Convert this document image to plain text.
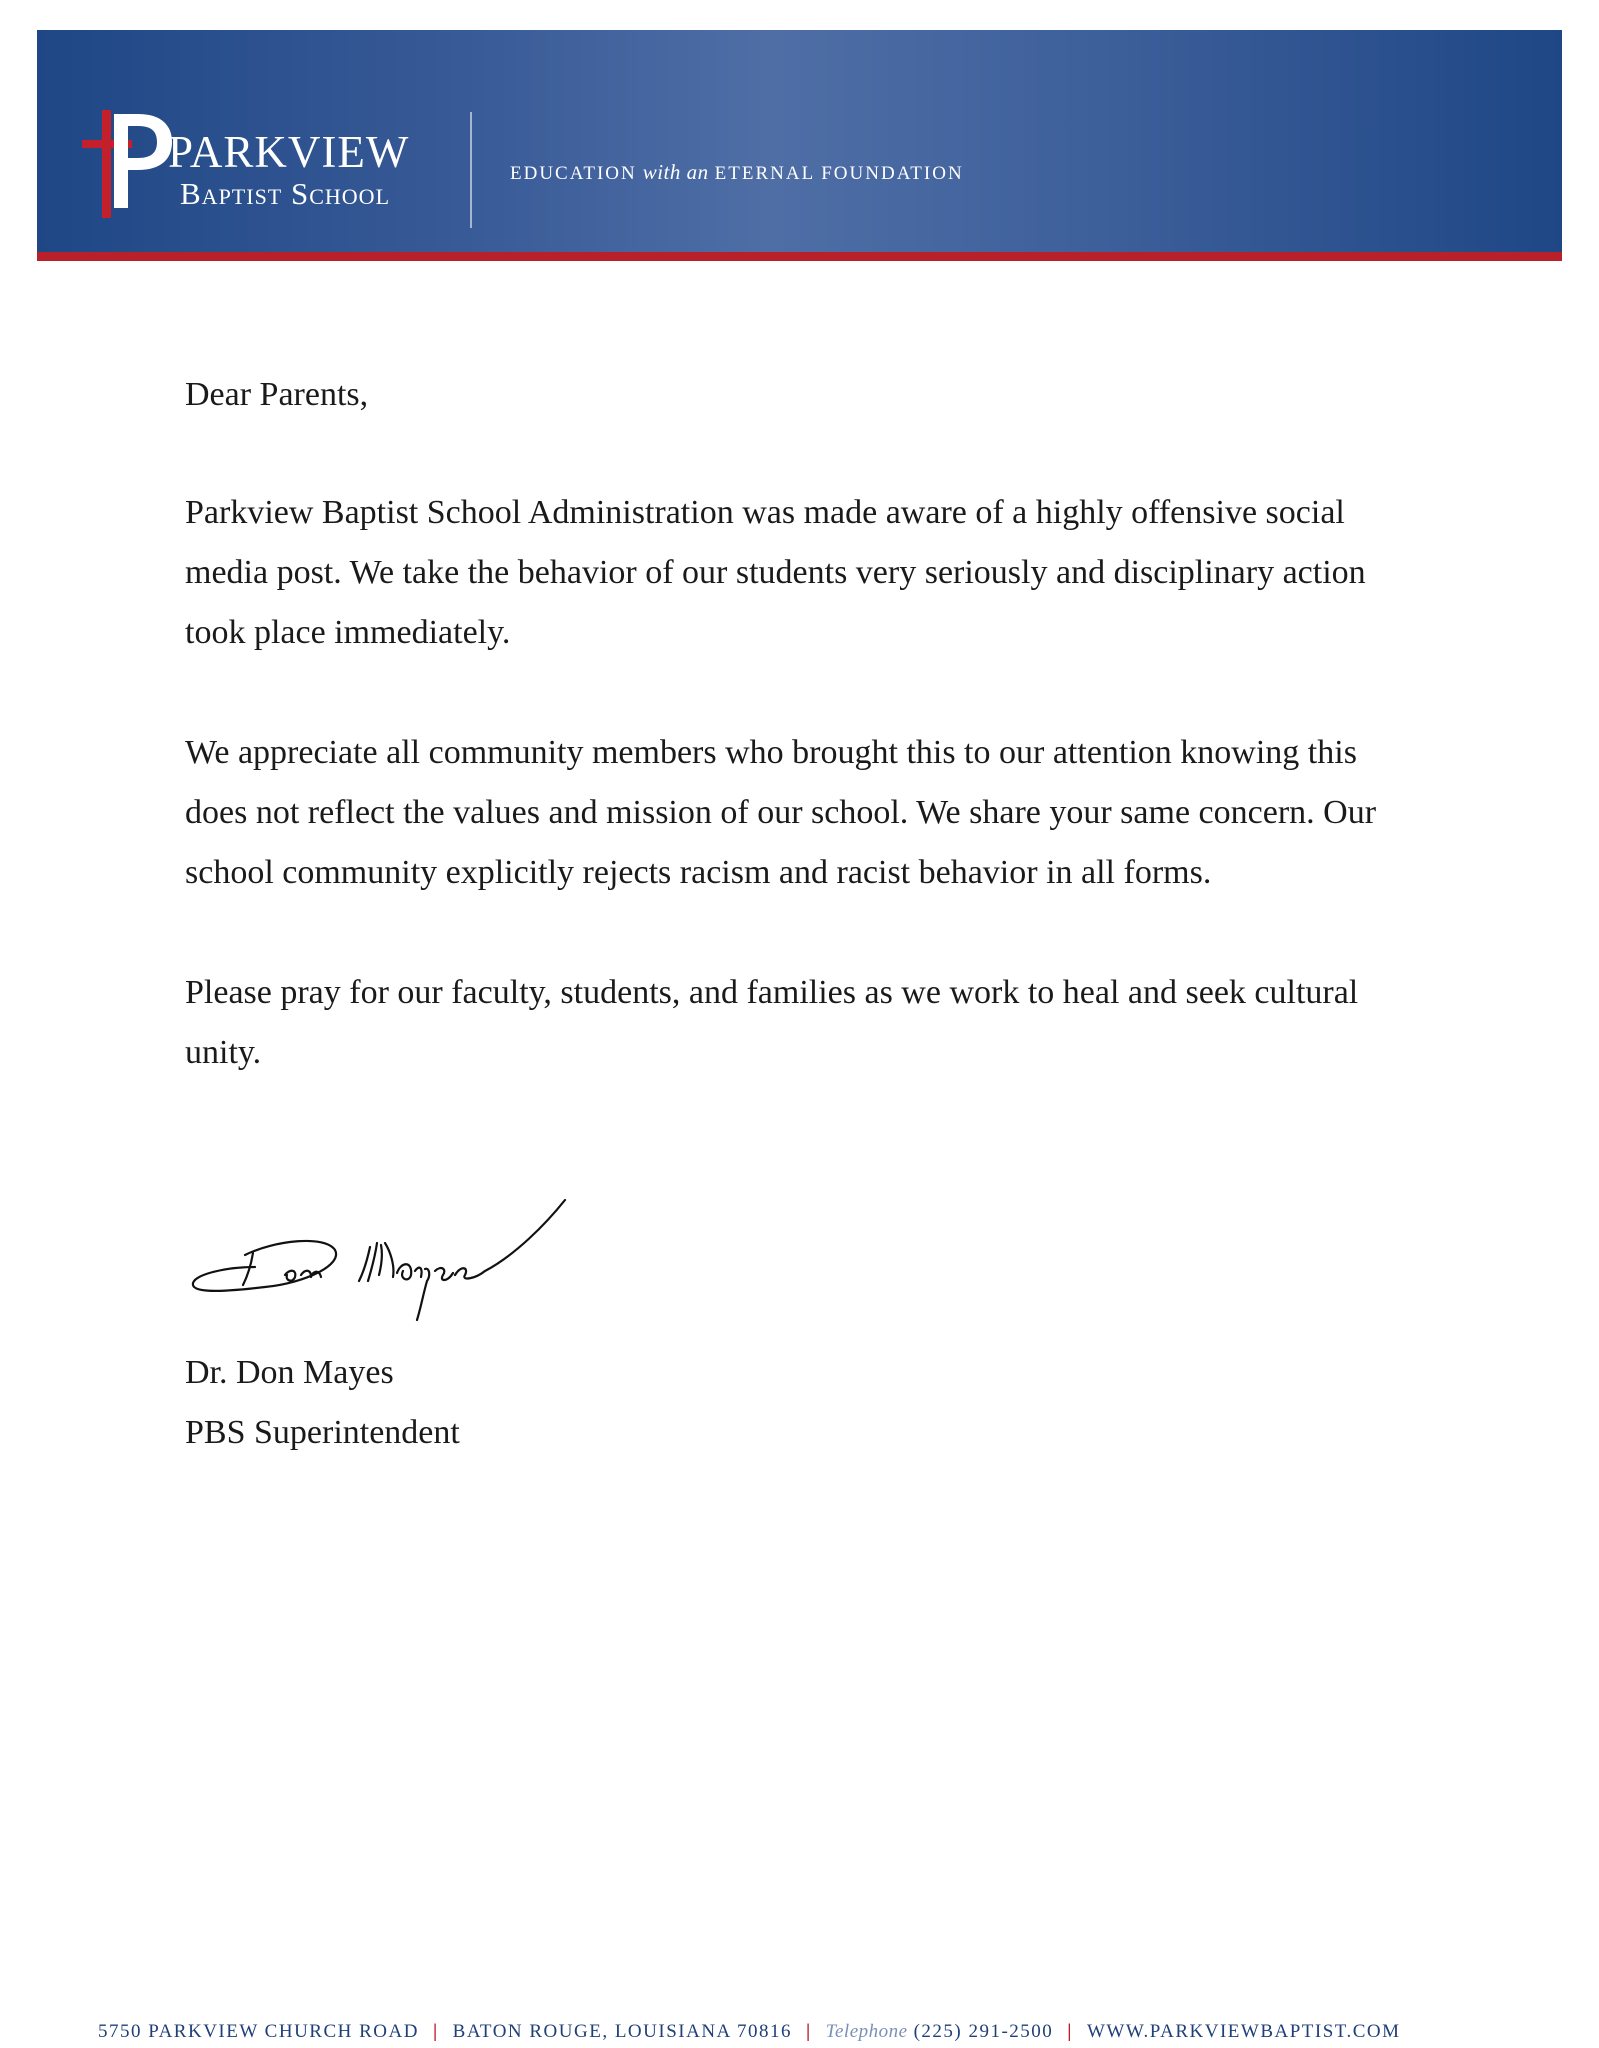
PARKVIEW
Baptist School
EDUCATION with an ETERNAL FOUNDATION

Dear Parents,

Parkview Baptist School Administration was made aware of a highly offensive social media post. We take the behavior of our students very seriously and disciplinary action took place immediately.

We appreciate all community members who brought this to our attention knowing this does not reflect the values and mission of our school. We share your same concern. Our school community explicitly rejects racism and racist behavior in all forms.

Please pray for our faculty, students, and families as we work to heal and seek cultural unity.

Dr. Don Mayes
PBS Superintendent
5750 PARKVIEW CHURCH ROAD | BATON ROUGE, LOUISIANA 70816 | Telephone (225) 291-2500 | WWW.PARKVIEWBAPTIST.COM
